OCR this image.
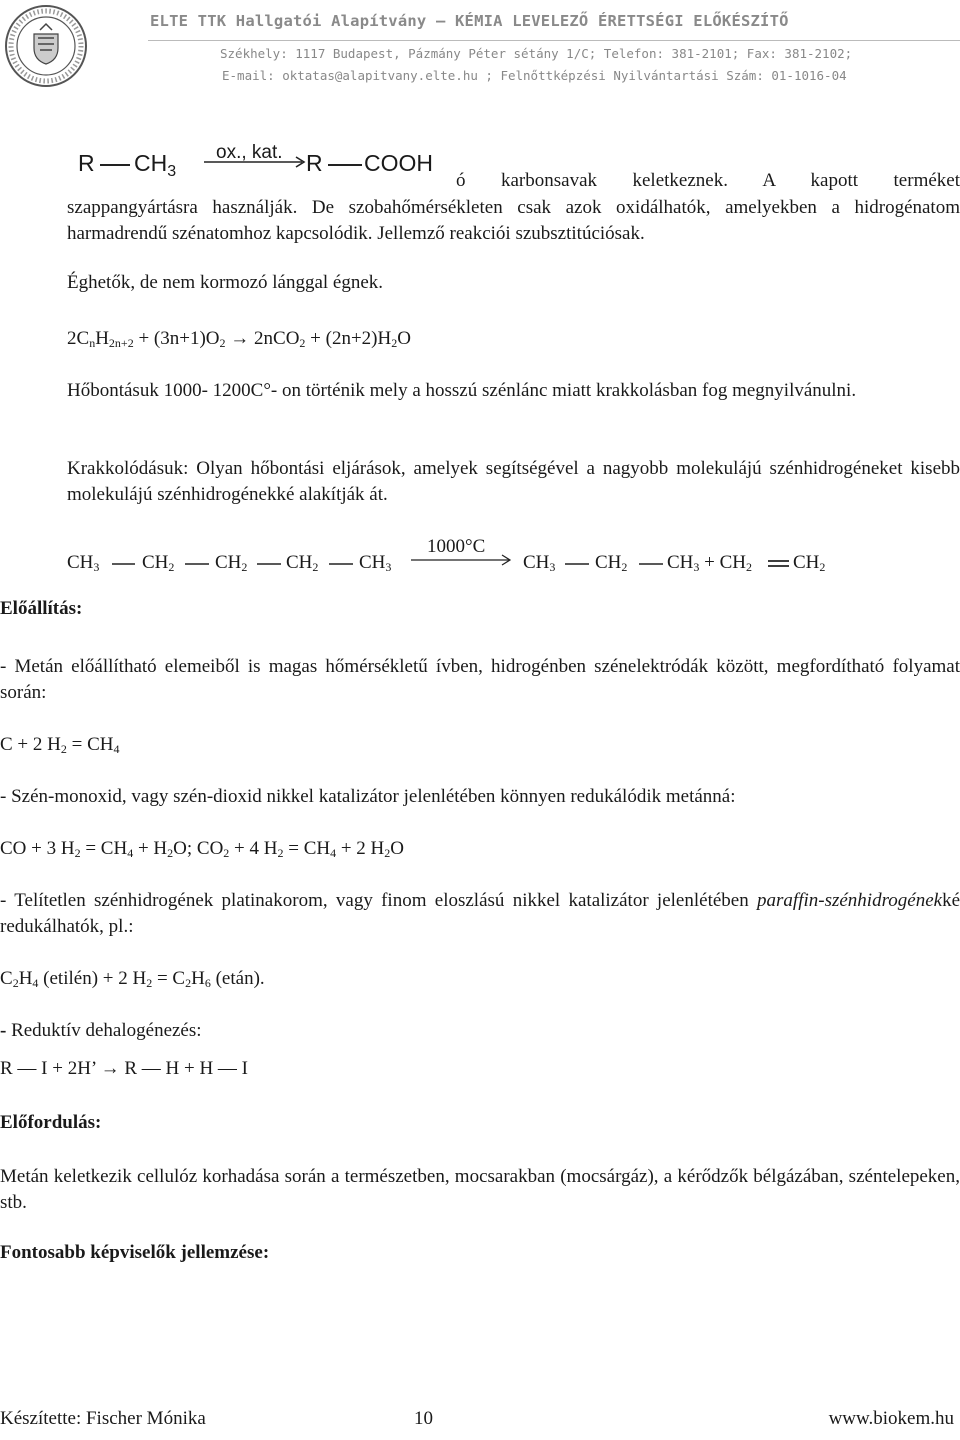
ELTE TTK Hallgatói Alapítvány – KÉMIA LEVELEZŐ ÉRETTSÉGI ELŐKÉSZÍTŐ
Székhely: 1117 Budapest, Pázmány Péter sétány 1/C; Telefon: 381-2101; Fax: 381-2102;
E-mail: oktatas@alapitvany.elte.hu ; Felnőttképzési Nyilvántartási Szám: 01-1016-04
R $CH_3$
ox., kat. R COOH
ó karbonsavak keletkeznek. A kapott terméket
szappangyártásra használják. De szobahőmérsékleten csak azok oxidálhatók, amelyekben a hidrogénatom harmadrendű szénatomhoz kapcsolódik. Jellemző reakciói szubsztitúciósak.
Éghetők, de nem kormozó lánggal égnek.
$2C_nH_{2n+2} + (3n+1)O_2 \to 2nCO_2 + (2n+2)H_2O$
Hőbontásuk 1000- 1200C°- on történik mely a hosszú szénlánc miatt krakkolásban fog megnyilvánulni.
Krakkolódásuk: Olyan hőbontási eljárások, amelyek segítségével a nagyobb molekulájú szénhidrogéneket kisebb molekulájú szénhidrogénekké alakítják át.
$CH_3$ $CH_2$ $CH_2$ $CH_2$ $CH_3$
1000°C
$CH_3$ $CH_2$ $CH_3 + CH_2$ $CH_2$
Előállítás:
- Metán előállítható elemeiből is magas hőmérsékletű ívben, hidrogénben szénelektródák között, megfordítható folyamat során:
C + 2 $H_2 = CH_4$
- Szén-monoxid, vagy szén-dioxid nikkel katalizátor jelenlétében könnyen redukálódik metánná:
CO + 3 $H_2 = CH_4 + H_2O$; $CO_2 + 4$ $H_2 = CH_4 + 2$ $H_2O$
- Telítetlen szénhidrogének platinakorom, vagy finom eloszlású nikkel katalizátor jelenlétében paraffin-szénhidrogénekké redukálhatók, pl.:
$C_2H_4$ (etilén) + 2 $H_2 = C_2H_6$ (etán).
- Reduktív dehalogénezés:
R — I + 2H’ → R — H + H — I
Előfordulás:
Metán keletkezik cellulóz korhadása során a természetben, mocsarakban (mocsárgáz), a kérődzők bélgázában, széntelepeken, stb.
Fontosabb képviselők jellemzése:
Készítette: Fischer Mónika	10	www.biokem.hu
